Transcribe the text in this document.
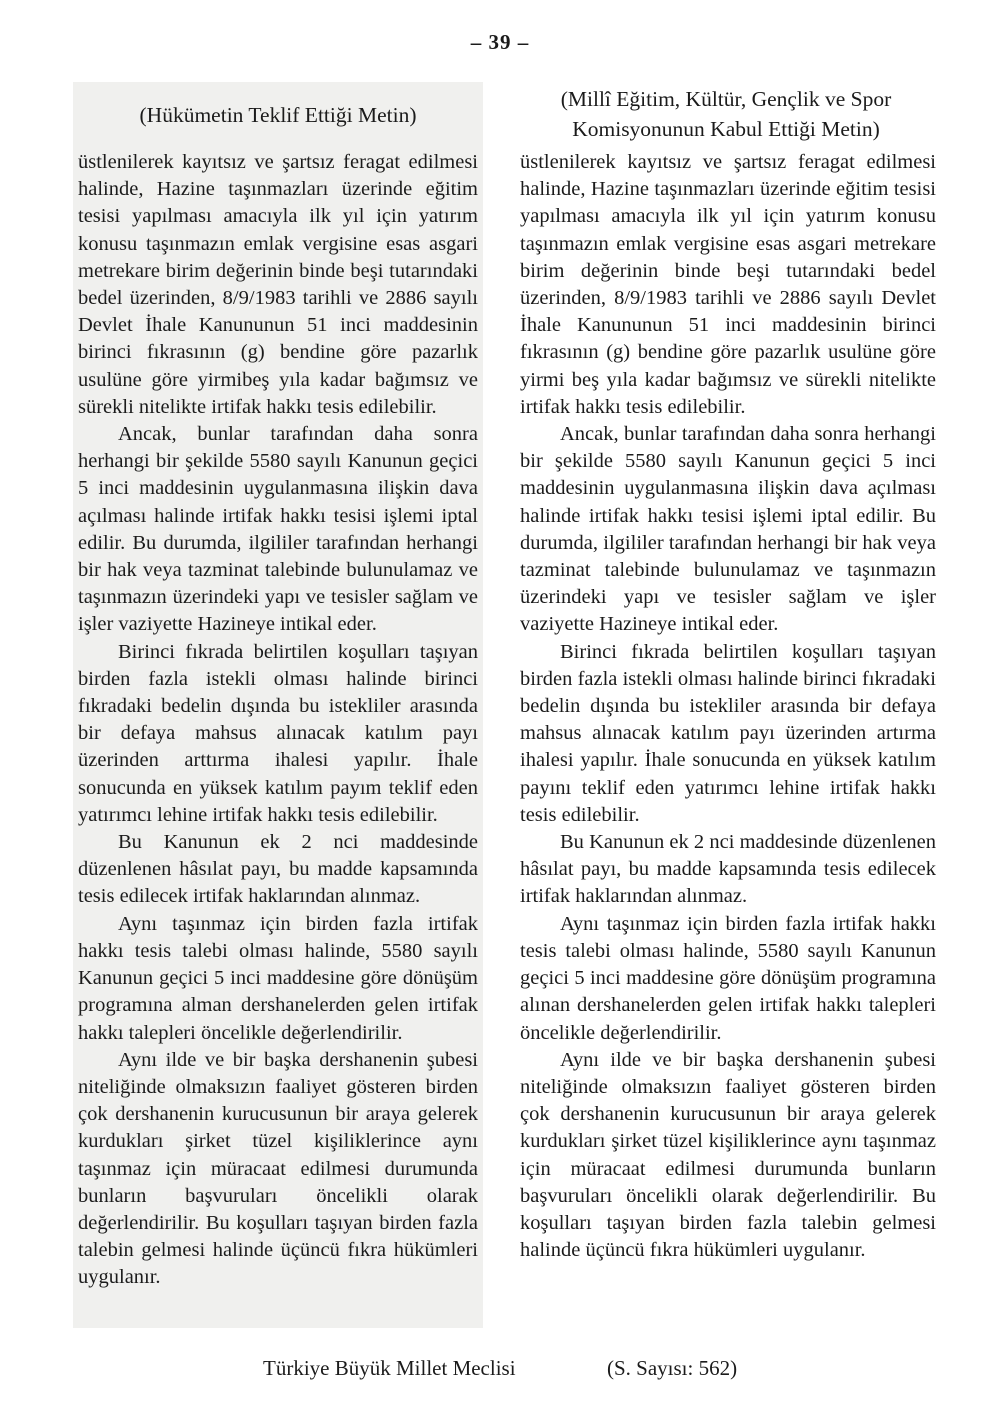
– 39 –
(Hükümetin Teklif Ettiği Metin)
(Millî Eğitim, Kültür, Gençlik ve Spor
Komisyonunun Kabul Ettiği Metin)

üstlenilerek kayıtsız ve şartsız feragat edilmesi halinde, Hazine taşınmazları üzerinde eğitim tesisi yapılması amacıyla ilk yıl için yatırım konusu taşınmazın emlak vergisine esas asgari metrekare birim değerinin binde beşi tutarındaki bedel üzerinden, 8/9/1983 tarihli ve 2886 sayılı Devlet İhale Kanununun 51 inci maddesinin birinci fıkrasının (g) bendine göre pazarlık usulüne göre yirmibeş yıla kadar bağımsız ve sürekli nitelikte irtifak hakkı tesis edilebilir.

Ancak, bunlar tarafından daha sonra herhangi bir şekilde 5580 sayılı Kanunun geçici 5 inci maddesinin uygulanmasına ilişkin dava açılması halinde irtifak hakkı tesisi işlemi iptal edilir. Bu durumda, ilgililer tarafından herhangi bir hak veya tazminat talebinde bulunulamaz ve taşınmazın üzerindeki yapı ve tesisler sağlam ve işler vaziyette Hazineye intikal eder.

Birinci fıkrada belirtilen koşulları taşıyan birden fazla istekli olması halinde birinci fıkradaki bedelin dışında bu istekliler arasında bir defaya mahsus alınacak katılım payı üzerinden arttırma ihalesi yapılır. İhale sonucunda en yüksek katılım payım teklif eden yatırımcı lehine irtifak hakkı tesis edilebilir.

Bu Kanunun ek 2 nci maddesinde düzenlenen hâsılat payı, bu madde kapsamında tesis edilecek irtifak haklarından alınmaz.

Aynı taşınmaz için birden fazla irtifak hakkı tesis talebi olması halinde, 5580 sayılı Kanunun geçici 5 inci maddesine göre dönüşüm programına alman dershanelerden gelen irtifak hakkı talepleri öncelikle değerlendirilir.

Aynı ilde ve bir başka dershanenin şubesi niteliğinde olmaksızın faaliyet gösteren birden çok dershanenin kurucusunun bir araya gelerek kurdukları şirket tüzel kişiliklerince aynı taşınmaz için müracaat edilmesi durumunda bunların başvuruları öncelikli olarak değerlendirilir. Bu koşulları taşıyan birden fazla talebin gelmesi halinde üçüncü fıkra hükümleri uygulanır.

üstlenilerek kayıtsız ve şartsız feragat edilmesi halinde, Hazine taşınmazları üzerinde eğitim tesisi yapılması amacıyla ilk yıl için yatırım konusu taşınmazın emlak vergisine esas asgari metrekare birim değerinin binde beşi tutarındaki bedel üzerinden, 8/9/1983 tarihli ve 2886 sayılı Devlet İhale Kanununun 51 inci maddesinin birinci fıkrasının (g) bendine göre pazarlık usulüne göre yirmi beş yıla kadar bağımsız ve sürekli nitelikte irtifak hakkı tesis edilebilir.

Ancak, bunlar tarafından daha sonra herhangi bir şekilde 5580 sayılı Kanunun geçici 5 inci maddesinin uygulanmasına ilişkin dava açılması halinde irtifak hakkı tesisi işlemi iptal edilir. Bu durumda, ilgililer tarafından herhangi bir hak veya tazminat talebinde bulunulamaz ve taşınmazın üzerindeki yapı ve tesisler sağlam ve işler vaziyette Hazineye intikal eder.

Birinci fıkrada belirtilen koşulları taşıyan birden fazla istekli olması halinde birinci fıkradaki bedelin dışında bu istekliler arasında bir defaya mahsus alınacak katılım payı üzerinden artırma ihalesi yapılır. İhale sonucunda en yüksek katılım payını teklif eden yatırımcı lehine irtifak hakkı tesis edilebilir.

Bu Kanunun ek 2 nci maddesinde düzenlenen hâsılat payı, bu madde kapsamında tesis edilecek irtifak haklarından alınmaz.

Aynı taşınmaz için birden fazla irtifak hakkı tesis talebi olması halinde, 5580 sayılı Kanunun geçici 5 inci maddesine göre dönüşüm programına alınan dershanelerden gelen irtifak hakkı talepleri öncelikle değerlendirilir.

Aynı ilde ve bir başka dershanenin şubesi niteliğinde olmaksızın faaliyet gösteren birden çok dershanenin kurucusunun bir araya gelerek kurdukları şirket tüzel kişiliklerince aynı taşınmaz için müracaat edilmesi durumunda bunların başvuruları öncelikli olarak değerlendirilir. Bu koşulları taşıyan birden fazla talebin gelmesi halinde üçüncü fıkra hükümleri uygulanır.

Türkiye Büyük Millet Meclisi	(S. Sayısı: 562)
